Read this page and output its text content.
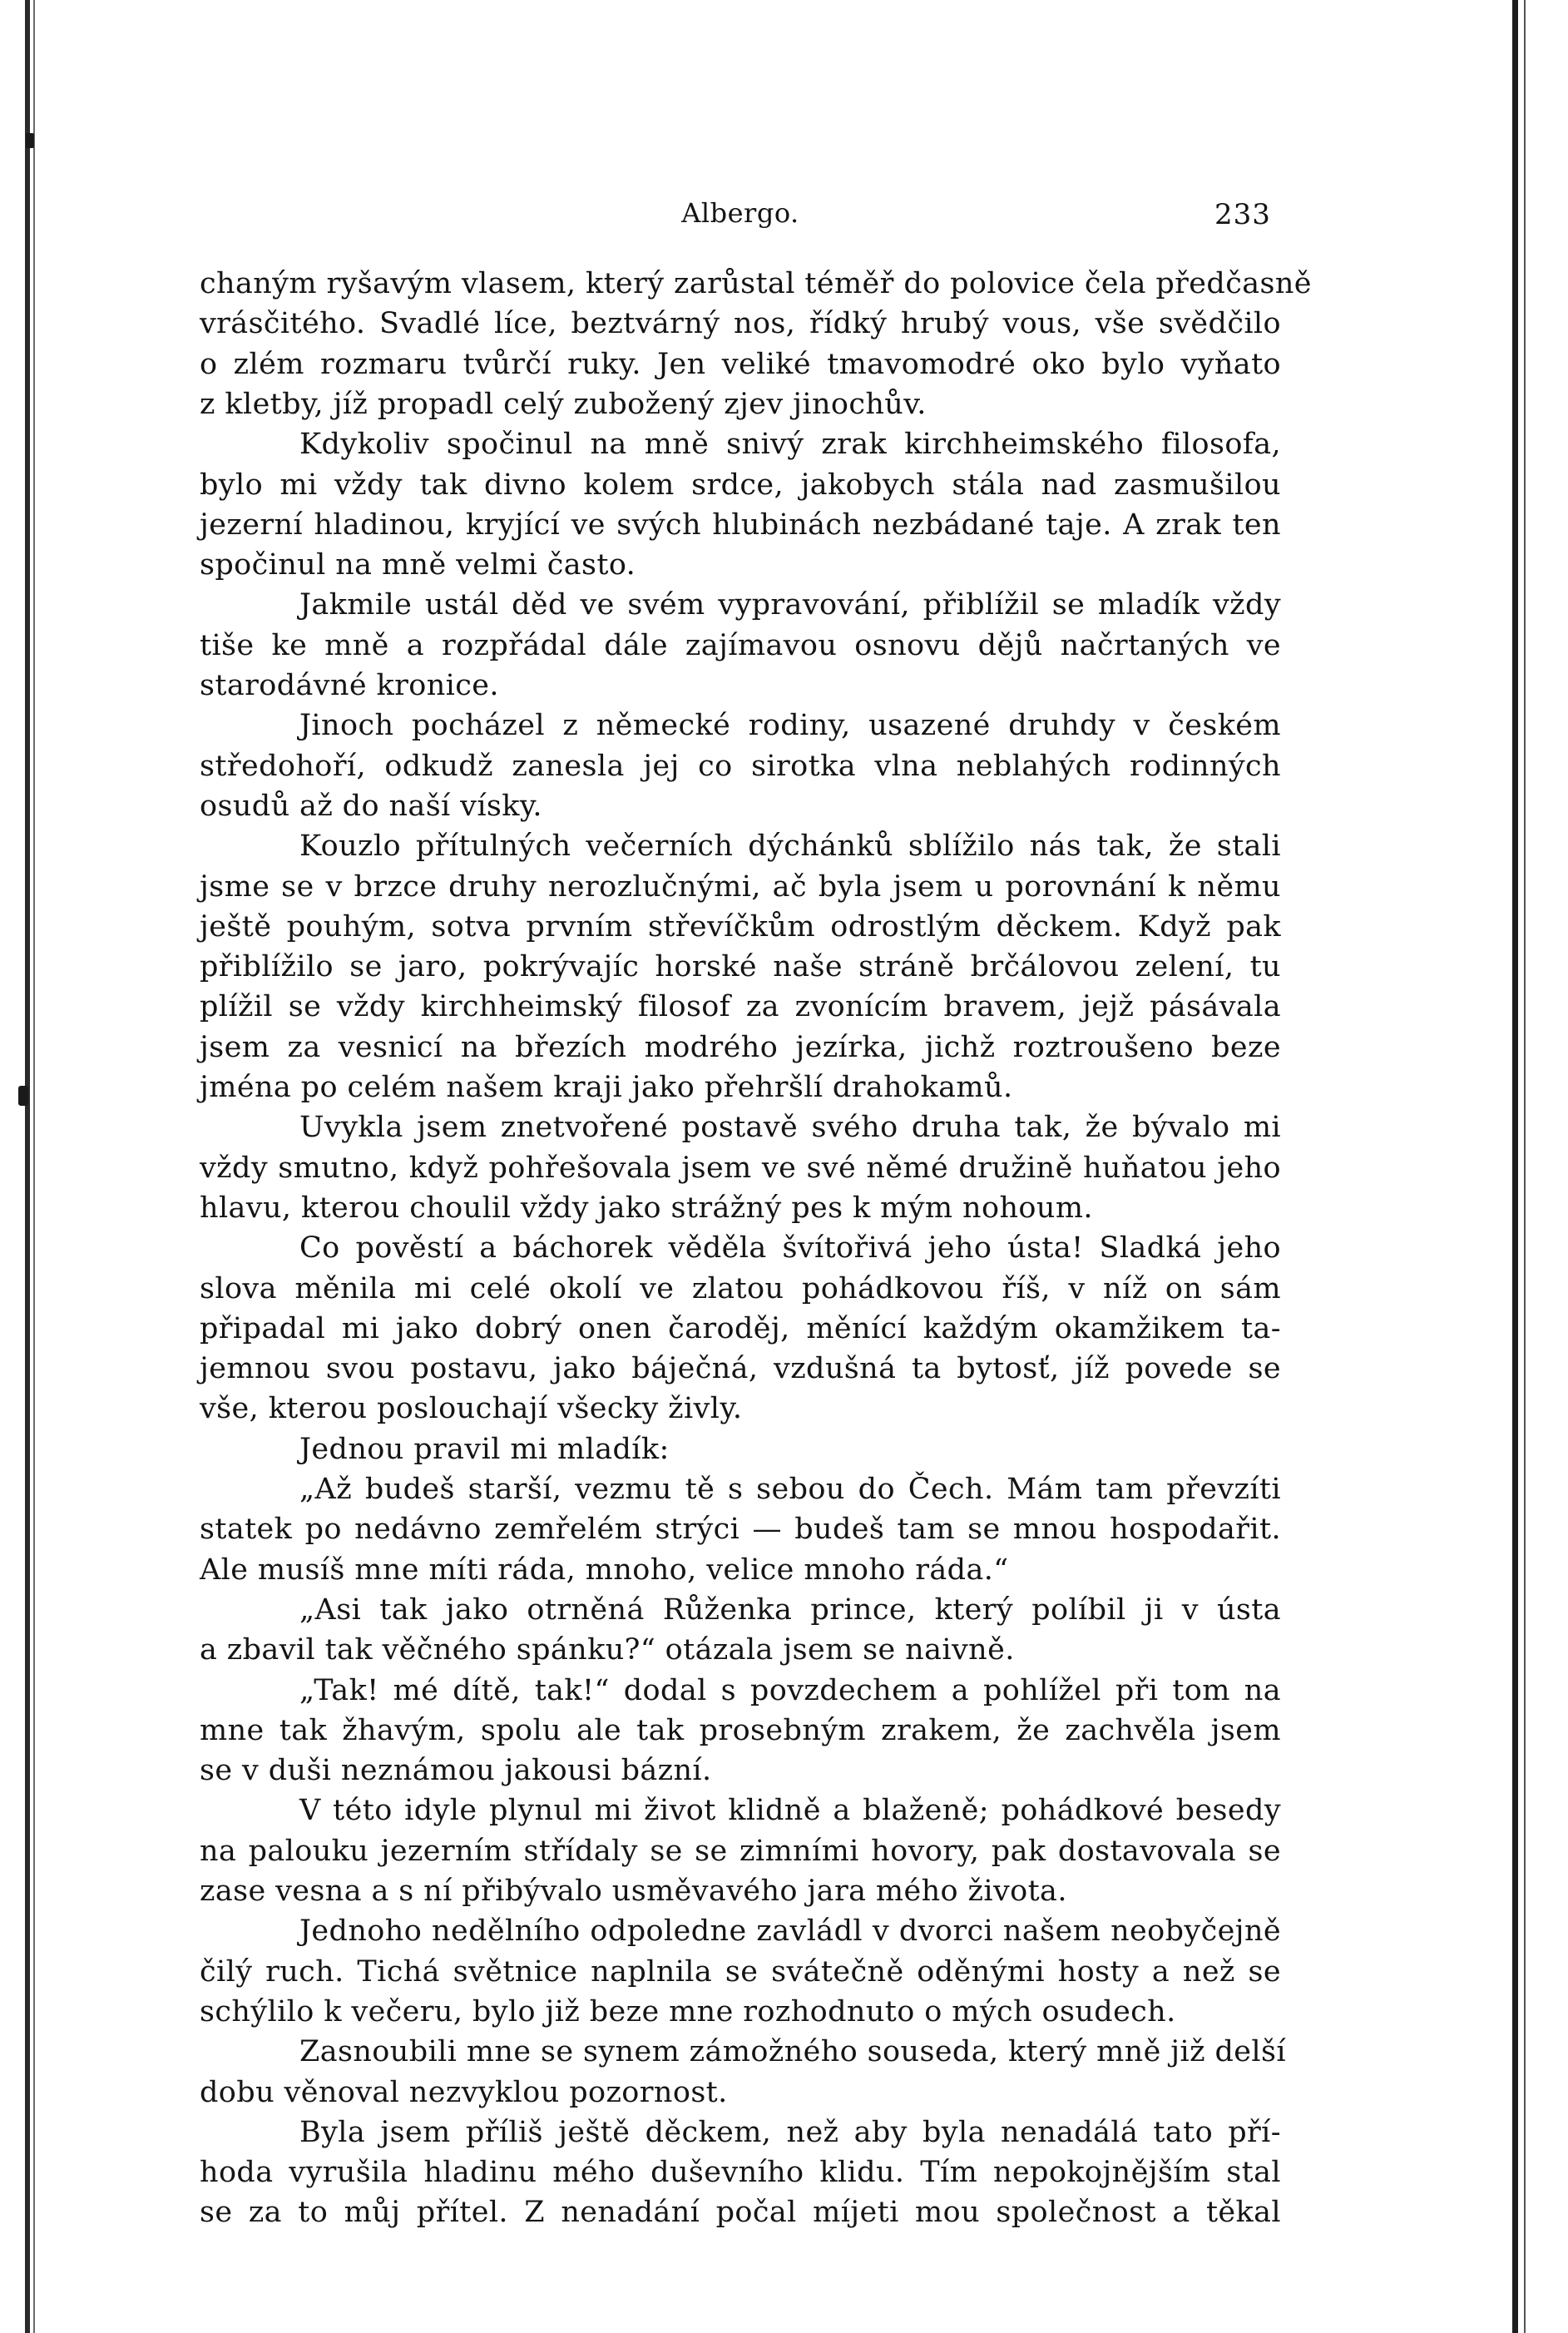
Albergo.	233
chaným ryšavým vlasem, který zarůstal téměř do polovice čela předčasně
vrásčitého. Svadlé líce, beztvárný nos, řídký hrubý vous, vše svědčilo
o zlém rozmaru tvůrčí ruky. Jen veliké tmavomodré oko bylo vyňato
z kletby, jíž propadl celý zubožený zjev jinochův.
Kdykoliv spočinul na mně snivý zrak kirchheimského filosofa,
bylo mi vždy tak divno kolem srdce, jakobych stála nad zasmušilou
jezerní hladinou, kryjící ve svých hlubinách nezbádané taje. A zrak ten
spočinul na mně velmi často.
Jakmile ustál děd ve svém vypravování, přiblížil se mladík vždy
tiše ke mně a rozpřádal dále zajímavou osnovu dějů načrtaných ve
starodávné kronice.
Jinoch pocházel z německé rodiny, usazené druhdy v českém
středohoří, odkudž zanesla jej co sirotka vlna neblahých rodinných
osudů až do naší vísky.
Kouzlo přítulných večerních dýchánků sblížilo nás tak, že stali
jsme se v brzce druhy nerozlučnými, ač byla jsem u porovnání k němu
ještě pouhým, sotva prvním střevíčkům odrostlým děckem. Když pak
přiblížilo se jaro, pokrývajíc horské naše stráně brčálovou zelení, tu
plížil se vždy kirchheimský filosof za zvonícím bravem, jejž pásávala
jsem za vesnicí na březích modrého jezírka, jichž roztroušeno beze
jména po celém našem kraji jako přehršlí drahokamů.
Uvykla jsem znetvořené postavě svého druha tak, že bývalo mi
vždy smutno, když pohřešovala jsem ve své němé družině huňatou jeho
hlavu, kterou choulil vždy jako strážný pes k mým nohoum.
Co pověstí a báchorek věděla švítořivá jeho ústa! Sladká jeho
slova měnila mi celé okolí ve zlatou pohádkovou říš, v níž on sám
připadal mi jako dobrý onen čaroděj, měnící každým okamžikem ta-
jemnou svou postavu, jako báječná, vzdušná ta bytosť, jíž povede se
vše, kterou poslouchají všecky živly.
Jednou pravil mi mladík:
„Až budeš starší, vezmu tě s sebou do Čech. Mám tam převzíti
statek po nedávno zemřelém strýci — budeš tam se mnou hospodařit.
Ale musíš mne míti ráda, mnoho, velice mnoho ráda.“
„Asi tak jako otrněná Růženka prince, který políbil ji v ústa
a zbavil tak věčného spánku?“ otázala jsem se naivně.
„Tak! mé dítě, tak!“ dodal s povzdechem a pohlížel při tom na
mne tak žhavým, spolu ale tak prosebným zrakem, že zachvěla jsem
se v duši neznámou jakousi bázní.
V této idyle plynul mi život klidně a blaženě; pohádkové besedy
na palouku jezerním střídaly se se zimními hovory, pak dostavovala se
zase vesna a s ní přibývalo usměvavého jara mého života.
Jednoho nedělního odpoledne zavládl v dvorci našem neobyčejně
čilý ruch. Tichá světnice naplnila se svátečně oděnými hosty a než se
schýlilo k večeru, bylo již beze mne rozhodnuto o mých osudech.
Zasnoubili mne se synem zámožného souseda, který mně již delší
dobu věnoval nezvyklou pozornost.
Byla jsem příliš ještě děckem, než aby byla nenadálá tato pří-
hoda vyrušila hladinu mého duševního klidu. Tím nepokojnějším stal
se za to můj přítel. Z nenadání počal míjeti mou společnost a těkal
